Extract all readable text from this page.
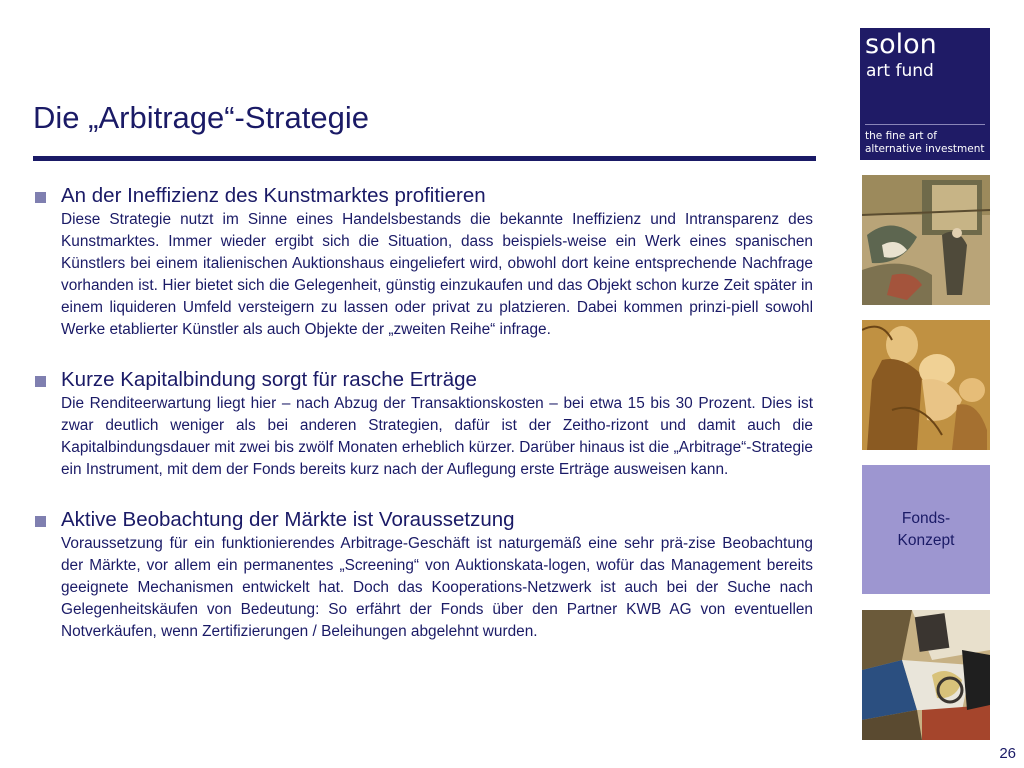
Die „Arbitrage“-Strategie
An der Ineffizienz des Kunstmarktes profitieren

Diese Strategie nutzt im Sinne eines Handelsbestands die bekannte Ineffizienz und Intransparenz des Kunstmarktes. Immer wieder ergibt sich die Situation, dass beispiels-weise ein Werk eines spanischen Künstlers bei einem italienischen Auktionshaus eingeliefert wird, obwohl dort keine entsprechende Nachfrage vorhanden ist. Hier bietet sich die Gelegenheit, günstig einzukaufen und das Objekt schon kurze Zeit später in einem liquideren Umfeld versteigern zu lassen oder privat zu platzieren. Dabei kommen prinzi-piell sowohl Werke etablierter Künstler als auch Objekte der „zweiten Reihe“ infrage.

Kurze Kapitalbindung sorgt für rasche Erträge

Die Renditeerwartung liegt hier – nach Abzug der Transaktionskosten – bei etwa 15 bis 30 Prozent. Dies ist zwar deutlich weniger als bei anderen Strategien, dafür ist der Zeitho-rizont und damit auch die Kapitalbindungsdauer mit zwei bis zwölf Monaten erheblich kürzer. Darüber hinaus ist die „Arbitrage“-Strategie ein Instrument, mit dem der Fonds bereits kurz nach der Auflegung erste Erträge ausweisen kann.

Aktive Beobachtung der Märkte ist Voraussetzung

Voraussetzung für ein funktionierendes Arbitrage-Geschäft ist naturgemäß eine sehr prä-zise Beobachtung der Märkte, vor allem ein permanentes „Screening“ von Auktionskata-logen, wofür das Management bereits geeignete Mechanismen entwickelt hat. Doch das Kooperations-Netzwerk ist auch bei der Suche nach Gelegenheitskäufen von Bedeutung: So erfährt der Fonds über den Partner KWB AG von eventuellen Notverkäufen, wenn Zertifizierungen / Beleihungen abgelehnt wurden.

solon
art fund
the fine art of alternative investment
Fonds-
Konzept
26
